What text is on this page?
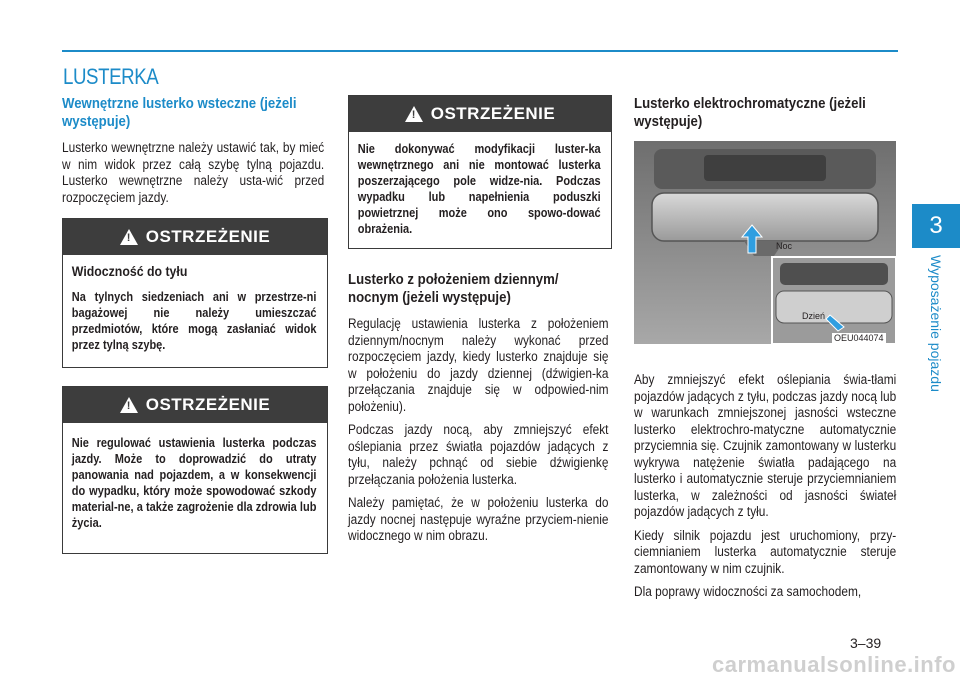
LUSTERKA

Wewnętrzne lusterko wsteczne (jeżeli występuje)

Lusterko wewnętrzne należy ustawić tak, by mieć w nim widok przez całą szybę tylną pojazdu. Lusterko wewnętrzne należy usta-wić przed rozpoczęciem jazdy.

! OSTRZEŻENIE

Widoczność do tyłu

Na tylnych siedzeniach ani w przestrze-ni bagażowej nie należy umieszczać przedmiotów, które mogą zasłaniać widok przez tylną szybę.

! OSTRZEŻENIE

Nie regulować ustawienia lusterka podczas jazdy. Może to doprowadzić do utraty panowania nad pojazdem, a w konsekwencji do wypadku, który może spowodować szkody material-ne, a także zagrożenie dla zdrowia lub życia.

! OSTRZEŻENIE

Nie dokonywać modyfikacji luster-ka wewnętrznego ani nie montować lusterka poszerzającego pole widze-nia. Podczas wypadku lub napełnienia poduszki powietrznej może ono spowo-dować obrażenia.

Lusterko z położeniem dziennym/ nocnym (jeżeli występuje)

Regulację ustawienia lusterka z położeniem dziennym/nocnym należy wykonać przed rozpoczęciem jazdy, kiedy lusterko znajduje się w położeniu do jazdy dziennej (dźwigien-ka przełączania znajduje się w odpowied-nim położeniu).

Podczas jazdy nocą, aby zmniejszyć efekt oślepiania przez światła pojazdów jadących z tyłu, należy pchnąć od siebie dźwigienkę przełączania położenia lusterka.

Należy pamiętać, że w położeniu lusterka do jazdy nocnej następuje wyraźne przyciem-nienie widocznego w nim obrazu.

Lusterko elektrochromatyczne (jeżeli występuje)

Noc
Dzień
OEU044074

Aby zmniejszyć efekt oślepiania świa-tłami pojazdów jadących z tyłu, podczas jazdy nocą lub w warunkach zmniejszonej jasności wsteczne lusterko elektrochro-matyczne automatycznie przyciemnia się. Czujnik zamontowany w lusterku wykrywa natężenie światła padającego na lusterko i automatycznie steruje przyciemnianiem lusterka, w zależności od jasności świateł pojazdów jadących z tyłu.

Kiedy silnik pojazdu jest uruchomiony, przy-ciemnianiem lusterka automatycznie steruje zamontowany w nim czujnik.

Dla poprawy widoczności za samochodem,

3
Wyposażenie pojazdu
3–39
carmanualsonline.info
